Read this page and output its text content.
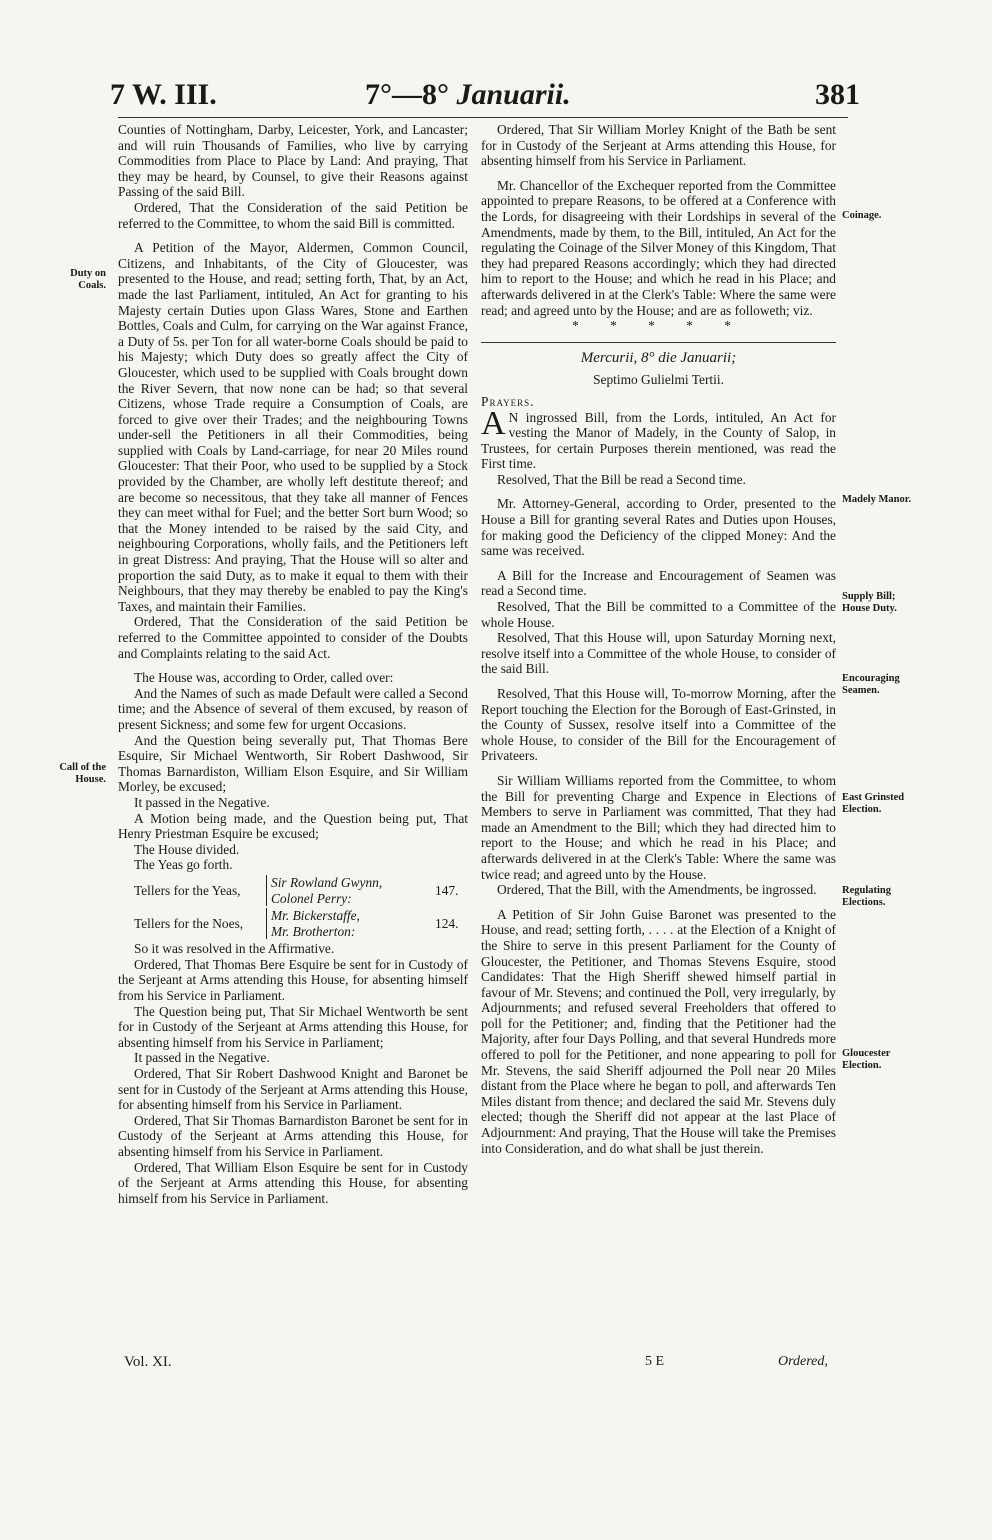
7 W. III.	7°—8° Januarii.	381
Duty on Coals.
Call of the House.
Coinage.
Madely Manor.
Supply Bill; House Duty.
Encouraging Seamen.
East Grinsted Election.
Regulating Elections.
Gloucester Election.

Counties of Nottingham, Darby, Leicester, York, and Lancaster; and will ruin Thousands of Families, who live by carrying Commodities from Place to Place by Land: And praying, That they may be heard, by Counsel, to give their Reasons against Passing of the said Bill.

Ordered, That the Consideration of the said Petition be referred to the Committee, to whom the said Bill is committed.

A Petition of the Mayor, Aldermen, Common Council, Citizens, and Inhabitants, of the City of Gloucester, was presented to the House, and read; setting forth, That, by an Act, made the last Parliament, intituled, An Act for granting to his Majesty certain Duties upon Glass Wares, Stone and Earthen Bottles, Coals and Culm, for carrying on the War against France, a Duty of 5s. per Ton for all water-borne Coals should be paid to his Majesty; which Duty does so greatly affect the City of Gloucester, which used to be supplied with Coals brought down the River Severn, that now none can be had; so that several Citizens, whose Trade require a Consumption of Coals, are forced to give over their Trades; and the neighbouring Towns under-sell the Petitioners in all their Commodities, being supplied with Coals by Land-carriage, for near 20 Miles round Gloucester: That their Poor, who used to be supplied by a Stock provided by the Chamber, are wholly left destitute thereof; and are become so necessitous, that they take all manner of Fences they can meet withal for Fuel; and the better Sort burn Wood; so that the Money intended to be raised by the said City, and neighbouring Corporations, wholly fails, and the Petitioners left in great Distress: And praying, That the House will so alter and proportion the said Duty, as to make it equal to them with their Neighbours, that they may thereby be enabled to pay the King's Taxes, and maintain their Families.

Ordered, That the Consideration of the said Petition be referred to the Committee appointed to consider of the Doubts and Complaints relating to the said Act.

The House was, according to Order, called over:

And the Names of such as made Default were called a Second time; and the Absence of several of them excused, by reason of present Sickness; and some few for urgent Occasions.

And the Question being severally put, That Thomas Bere Esquire, Sir Michael Wentworth, Sir Robert Dashwood, Sir Thomas Barnardiston, William Elson Esquire, and Sir William Morley, be excused;

It passed in the Negative.

A Motion being made, and the Question being put, That Henry Priestman Esquire be excused;

The House divided.

The Yeas go forth.

Tellers for the Yeas,
Sir Rowland Gwynn,
Colonel Perry:
147.
Tellers for the Noes,
Mr. Bickerstaffe,
Mr. Brotherton:
124.

So it was resolved in the Affirmative.

Ordered, That Thomas Bere Esquire be sent for in Custody of the Serjeant at Arms attending this House, for absenting himself from his Service in Parliament.

The Question being put, That Sir Michael Wentworth be sent for in Custody of the Serjeant at Arms attending this House, for absenting himself from his Service in Parliament;

It passed in the Negative.

Ordered, That Sir Robert Dashwood Knight and Baronet be sent for in Custody of the Serjeant at Arms attending this House, for absenting himself from his Service in Parliament.

Ordered, That Sir Thomas Barnardiston Baronet be sent for in Custody of the Serjeant at Arms attending this House, for absenting himself from his Service in Parliament.

Ordered, That William Elson Esquire be sent for in Custody of the Serjeant at Arms attending this House, for absenting himself from his Service in Parliament.

Ordered, That Sir William Morley Knight of the Bath be sent for in Custody of the Serjeant at Arms attending this House, for absenting himself from his Service in Parliament.

Mr. Chancellor of the Exchequer reported from the Committee appointed to prepare Reasons, to be offered at a Conference with the Lords, for disagreeing with their Lordships in several of the Amendments, made by them, to the Bill, intituled, An Act for the regulating the Coinage of the Silver Money of this Kingdom, That they had prepared Reasons accordingly; which they had directed him to report to the House; and which he read in his Place; and afterwards delivered in at the Clerk's Table: Where the same were read; and agreed unto by the House; and are as followeth; viz.

* * * * *

Mercurii, 8° die Januarii;

Septimo Gulielmi Tertii.

Prayers.

A N ingrossed Bill, from the Lords, intituled, An Act for vesting the Manor of Madely, in the County of Salop, in Trustees, for certain Purposes therein mentioned, was read the First time.

Resolved, That the Bill be read a Second time.

Mr. Attorney-General, according to Order, presented to the House a Bill for granting several Rates and Duties upon Houses, for making good the Deficiency of the clipped Money: And the same was received.

A Bill for the Increase and Encouragement of Seamen was read a Second time.

Resolved, That the Bill be committed to a Committee of the whole House.

Resolved, That this House will, upon Saturday Morning next, resolve itself into a Committee of the whole House, to consider of the said Bill.

Resolved, That this House will, To-morrow Morning, after the Report touching the Election for the Borough of East-Grinsted, in the County of Sussex, resolve itself into a Committee of the whole House, to consider of the Bill for the Encouragement of Privateers.

Sir William Williams reported from the Committee, to whom the Bill for preventing Charge and Expence in Elections of Members to serve in Parliament was committed, That they had made an Amendment to the Bill; which they had directed him to report to the House; and which he read in his Place; and afterwards delivered in at the Clerk's Table: Where the same was twice read; and agreed unto by the House.

Ordered, That the Bill, with the Amendments, be ingrossed.

A Petition of Sir John Guise Baronet was presented to the House, and read; setting forth, . . . . at the Election of a Knight of the Shire to serve in this present Parliament for the County of Gloucester, the Petitioner, and Thomas Stevens Esquire, stood Candidates: That the High Sheriff shewed himself partial in favour of Mr. Stevens; and continued the Poll, very irregularly, by Adjournments; and refused several Freeholders that offered to poll for the Petitioner; and, finding that the Petitioner had the Majority, after four Days Polling, and that several Hundreds more offered to poll for the Petitioner, and none appearing to poll for Mr. Stevens, the said Sheriff adjourned the Poll near 20 Miles distant from the Place where he began to poll, and afterwards Ten Miles distant from thence; and declared the said Mr. Stevens duly elected; though the Sheriff did not appear at the last Place of Adjournment: And praying, That the House will take the Premises into Consideration, and do what shall be just therein.

Vol. XI.	5 E	Ordered,
